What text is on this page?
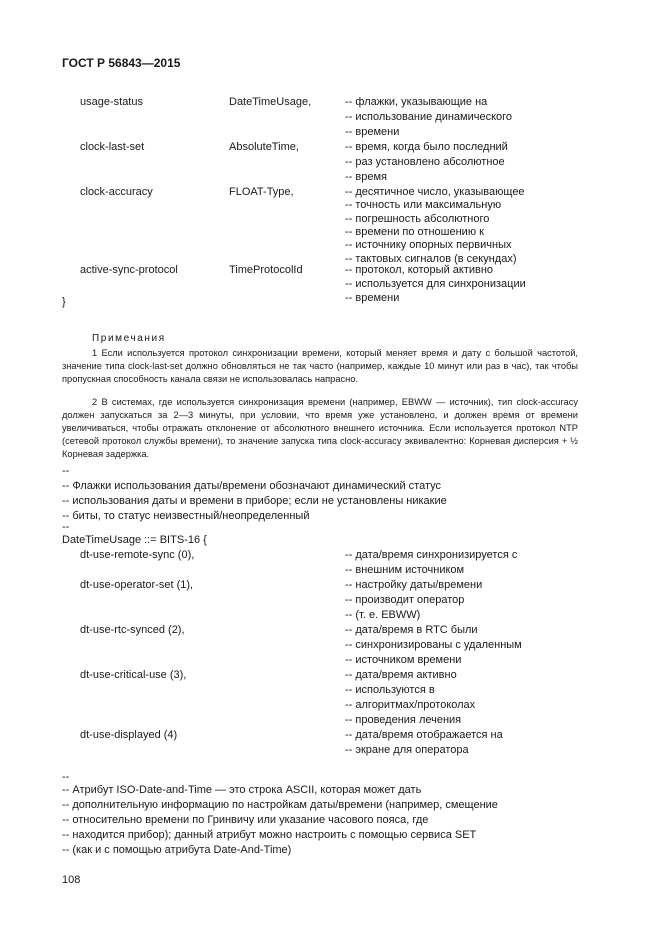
ГОСТ Р 56843—2015
usage-status	DateTimeUsage,	-- флажки, указывающие на
-- использование динамического
-- времени
clock-last-set	AbsoluteTime,	-- время, когда было последний
-- раз установлено абсолютное
-- время
clock-accuracy	FLOAT-Type,	-- десятичное число, указывающее
-- точность или максимальную
-- погрешность абсолютного
-- времени по отношению к
-- источнику опорных первичных
-- тактовых сигналов (в секундах)
active-sync-protocol	TimeProtocolId	-- протокол, который активно
-- используется для синхронизации
-- времени
}
Примечания
1 Если используется протокол синхронизации времени, который меняет время и дату с большой частотой, значение типа clock-last-set должно обновляться не так часто (например, каждые 10 минут или раз в час), так чтобы пропускная способность канала связи не использовалась напрасно.
2 В системах, где используется синхронизация времени (например, EBWW — источник), тип clock-accuracy должен запускаться за 2—3 минуты, при условии, что время уже установлено, и должен время от времени увеличиваться, чтобы отражать отклонение от абсолютного внешнего источника. Если используется протокол NTP (сетевой протокол службы времени), то значение запуска типа clock-accuracy эквивалентно: Корневая дисперсия + ½ Корневая задержка.
--
-- Флажки использования даты/времени обозначают динамический статус
-- использования даты и времени в приборе; если не установлены никакие
-- биты, то статус неизвестный/неопределенный
--
DateTimeUsage ::= BITS-16 {
dt-use-remote-sync (0),	-- дата/время синхронизируется с
-- внешним источником
dt-use-operator-set (1),	-- настройку даты/времени
-- производит оператор
-- (т. е. EBWW)
dt-use-rtc-synced (2),	-- дата/время в RTC были
-- синхронизированы с удаленным
-- источником времени
dt-use-critical-use (3),	-- дата/время активно
-- используются в
-- алгоритмах/протоколах
-- проведения лечения
dt-use-displayed (4)	-- дата/время отображается на
-- экране для оператора
--
-- Атрибут ISO-Date-and-Time — это строка ASCII, которая может дать
-- дополнительную информацию по настройкам даты/времени (например, смещение
-- относительно времени по Гринвичу или указание часового пояса, где
-- находится прибор); данный атрибут можно настроить с помощью сервиса SET
-- (как и с помощью атрибута Date-And-Time)
108
